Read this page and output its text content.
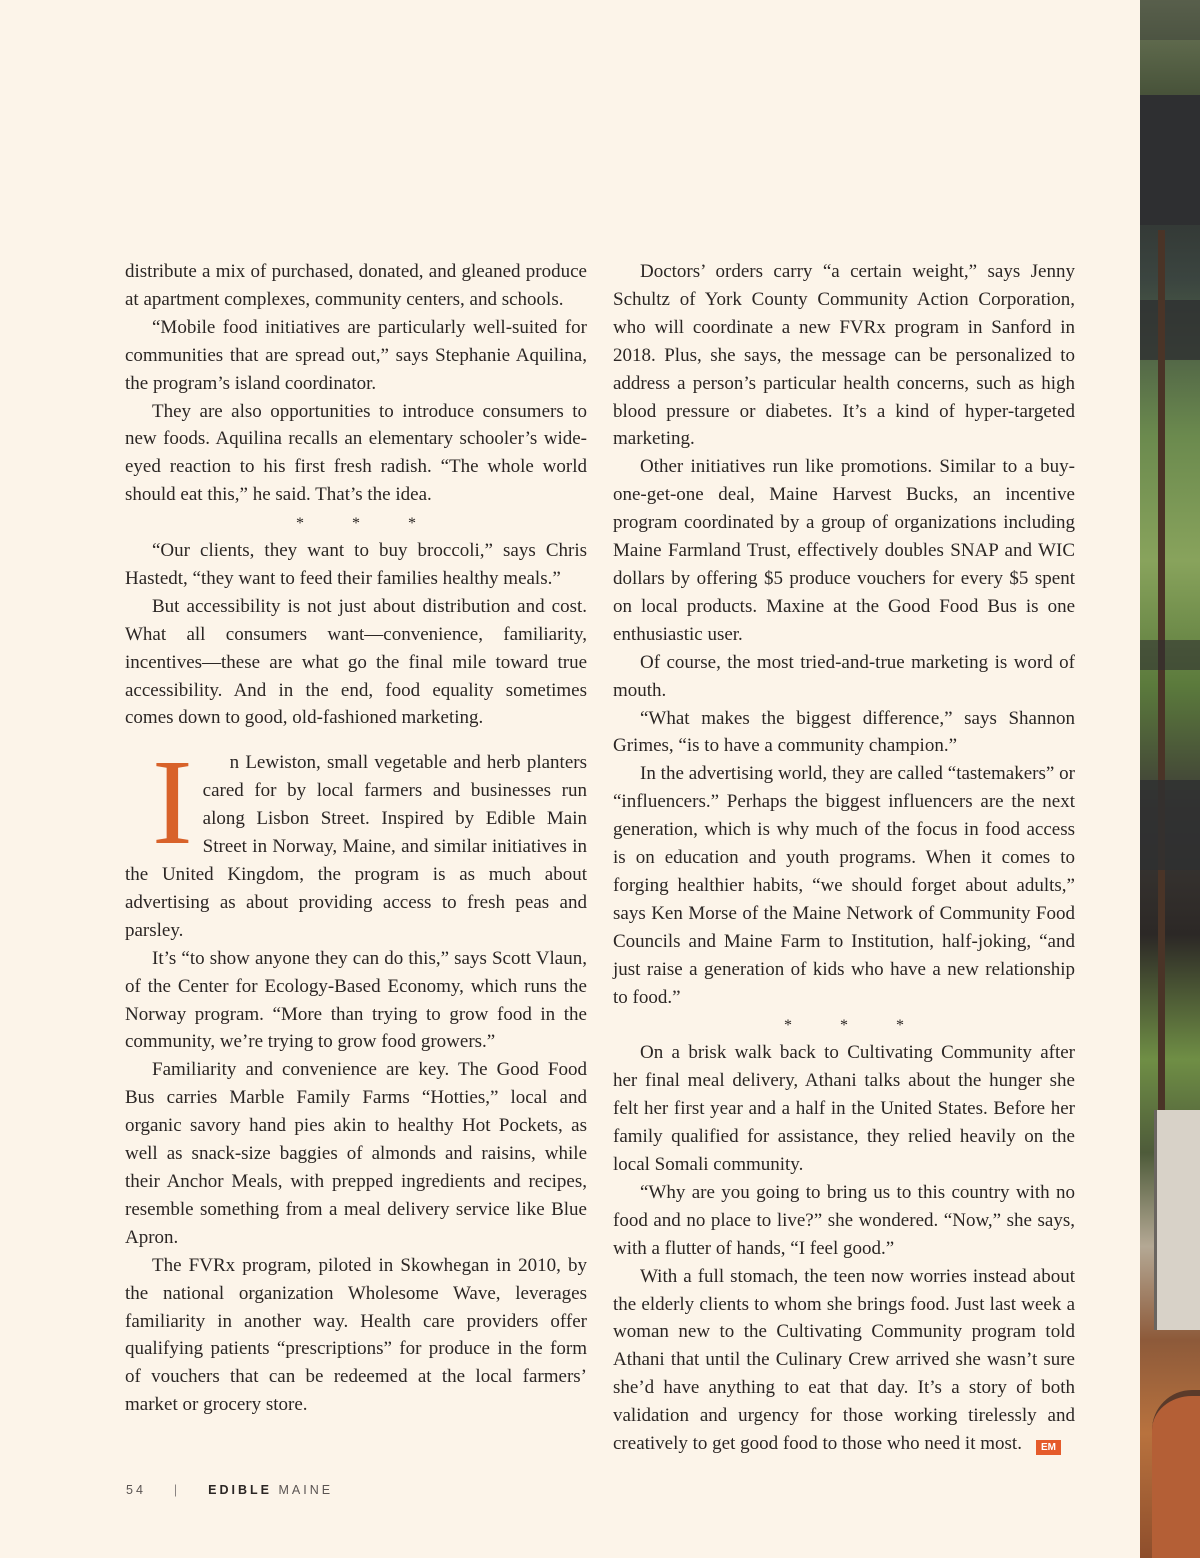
distribute a mix of purchased, donated, and gleaned produce at apartment complexes, community centers, and schools.

“Mobile food initiatives are particularly well-suited for communities that are spread out,” says Stephanie Aquilina, the program’s island coordinator.

They are also opportunities to introduce consumers to new foods. Aquilina recalls an elementary schooler’s wide-eyed reaction to his first fresh radish. “The whole world should eat this,” he said. That’s the idea.

* * *

“Our clients, they want to buy broccoli,” says Chris Hastedt, “they want to feed their families healthy meals.”

But accessibility is not just about distribution and cost. What all consumers want—convenience, familiarity, incentives—these are what go the final mile toward true accessibility. And in the end, food equality sometimes comes down to good, old-fashioned marketing.

I n Lewiston, small vegetable and herb planters cared for by local farmers and businesses run along Lisbon Street. Inspired by Edible Main Street in Norway, Maine, and similar initiatives in the United Kingdom, the program is as much about advertising as about providing access to fresh peas and parsley.

It’s “to show anyone they can do this,” says Scott Vlaun, of the Center for Ecology-Based Economy, which runs the Norway program. “More than trying to grow food in the community, we’re trying to grow food growers.”

Familiarity and convenience are key. The Good Food Bus carries Marble Family Farms “Hotties,” local and organic savory hand pies akin to healthy Hot Pockets, as well as snack-size baggies of almonds and raisins, while their Anchor Meals, with prepped ingredients and recipes, resemble something from a meal delivery service like Blue Apron.

The FVRx program, piloted in Skowhegan in 2010, by the national organization Wholesome Wave, leverages familiarity in another way. Health care providers offer qualifying patients “prescriptions” for produce in the form of vouchers that can be redeemed at the local farmers’ market or grocery store.

Doctors’ orders carry “a certain weight,” says Jenny Schultz of York County Community Action Corporation, who will coordinate a new FVRx program in Sanford in 2018. Plus, she says, the message can be personalized to address a person’s particular health concerns, such as high blood pressure or diabetes. It’s a kind of hyper-targeted marketing.

Other initiatives run like promotions. Similar to a buy-one-get-one deal, Maine Harvest Bucks, an incentive program coordinated by a group of organizations including Maine Farmland Trust, effectively doubles SNAP and WIC dollars by offering $5 produce vouchers for every $5 spent on local products. Maxine at the Good Food Bus is one enthusiastic user.

Of course, the most tried-and-true marketing is word of mouth.

“What makes the biggest difference,” says Shannon Grimes, “is to have a community champion.”

In the advertising world, they are called “tastemakers” or “influencers.” Perhaps the biggest influencers are the next generation, which is why much of the focus in food access is on education and youth programs. When it comes to forging healthier habits, “we should forget about adults,” says Ken Morse of the Maine Network of Community Food Councils and Maine Farm to Institution, half-joking, “and just raise a generation of kids who have a new relationship to food.”

* * *

On a brisk walk back to Cultivating Community after her final meal delivery, Athani talks about the hunger she felt her first year and a half in the United States. Before her family qualified for assistance, they relied heavily on the local Somali community.

“Why are you going to bring us to this country with no food and no place to live?” she wondered. “Now,” she says, with a flutter of hands, “I feel good.”

With a full stomach, the teen now worries instead about the elderly clients to whom she brings food. Just last week a woman new to the Cultivating Community program told Athani that until the Culinary Crew arrived she wasn’t sure she’d have anything to eat that day. It’s a story of both validation and urgency for those working tirelessly and creatively to get good food to those who need it most. EM

54 | EDIBLE MAINE
